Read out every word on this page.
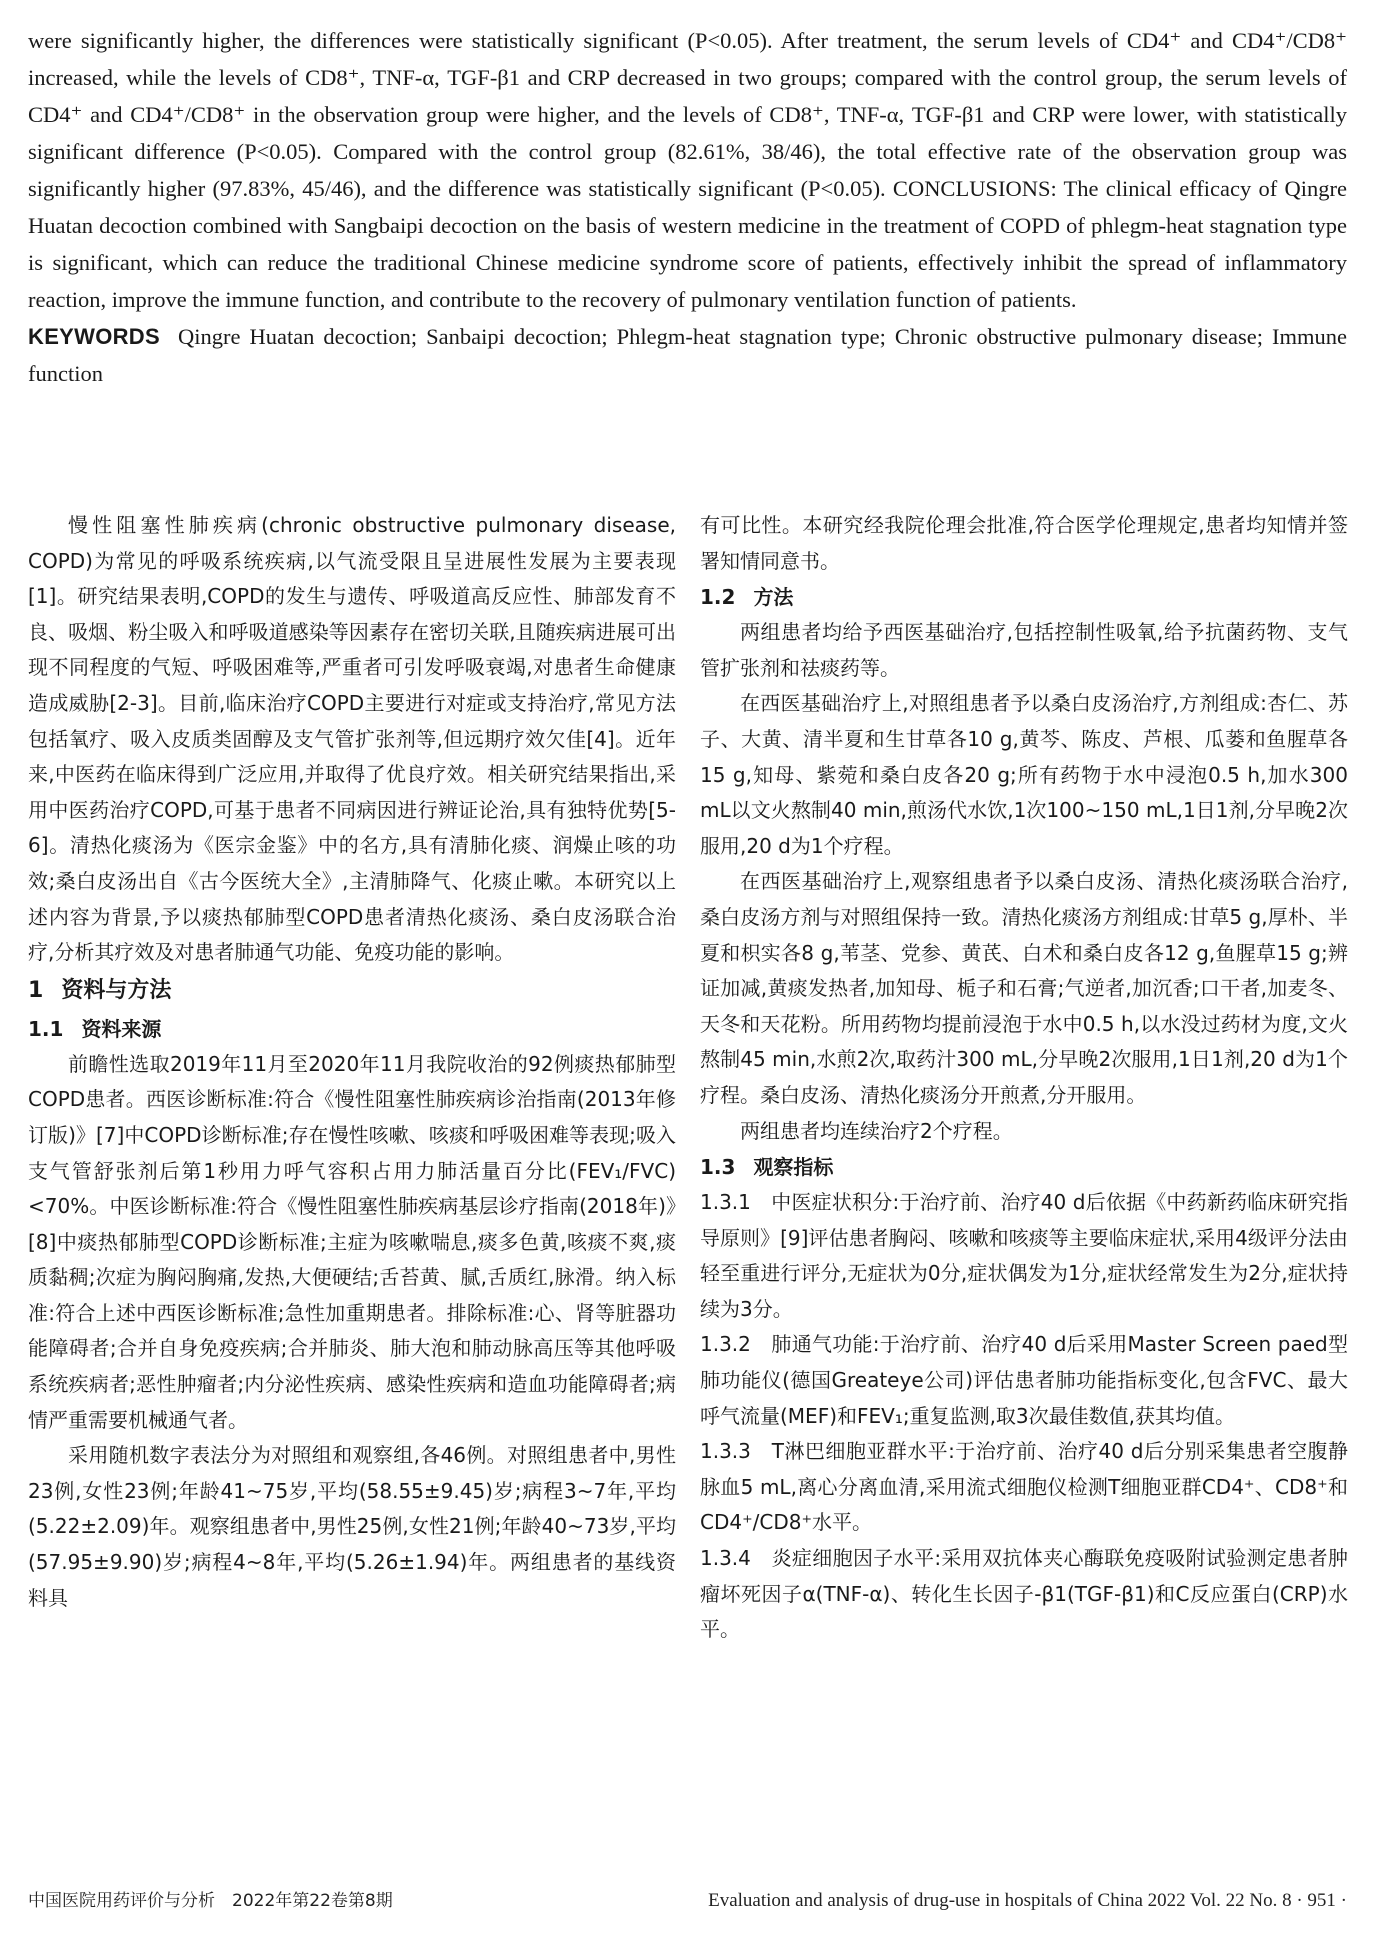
were significantly higher, the differences were statistically significant (P<0.05). After treatment, the serum levels of CD4⁺ and CD4⁺/CD8⁺ increased, while the levels of CD8⁺, TNF-α, TGF-β1 and CRP decreased in two groups; compared with the control group, the serum levels of CD4⁺ and CD4⁺/CD8⁺ in the observation group were higher, and the levels of CD8⁺, TNF-α, TGF-β1 and CRP were lower, with statistically significant difference (P<0.05). Compared with the control group (82.61%, 38/46), the total effective rate of the observation group was significantly higher (97.83%, 45/46), and the difference was statistically significant (P<0.05). CONCLUSIONS: The clinical efficacy of Qingre Huatan decoction combined with Sangbaipi decoction on the basis of western medicine in the treatment of COPD of phlegm-heat stagnation type is significant, which can reduce the traditional Chinese medicine syndrome score of patients, effectively inhibit the spread of inflammatory reaction, improve the immune function, and contribute to the recovery of pulmonary ventilation function of patients.

KEYWORDS Qingre Huatan decoction; Sanbaipi decoction; Phlegm-heat stagnation type; Chronic obstructive pulmonary disease; Immune function

慢性阻塞性肺疾病(chronic obstructive pulmonary disease, COPD)为常见的呼吸系统疾病,以气流受限且呈进展性发展为主要表现[1]。研究结果表明,COPD的发生与遗传、呼吸道高反应性、肺部发育不良、吸烟、粉尘吸入和呼吸道感染等因素存在密切关联,且随疾病进展可出现不同程度的气短、呼吸困难等,严重者可引发呼吸衰竭,对患者生命健康造成威胁[2-3]。目前,临床治疗COPD主要进行对症或支持治疗,常见方法包括氧疗、吸入皮质类固醇及支气管扩张剂等,但远期疗效欠佳[4]。近年来,中医药在临床得到广泛应用,并取得了优良疗效。相关研究结果指出,采用中医药治疗COPD,可基于患者不同病因进行辨证论治,具有独特优势[5-6]。清热化痰汤为《医宗金鉴》中的名方,具有清肺化痰、润燥止咳的功效;桑白皮汤出自《古今医统大全》,主清肺降气、化痰止嗽。本研究以上述内容为背景,予以痰热郁肺型COPD患者清热化痰汤、桑白皮汤联合治疗,分析其疗效及对患者肺通气功能、免疫功能的影响。

1 资料与方法
1.1 资料来源

前瞻性选取2019年11月至2020年11月我院收治的92例痰热郁肺型COPD患者。西医诊断标准:符合《慢性阻塞性肺疾病诊治指南(2013年修订版)》[7]中COPD诊断标准;存在慢性咳嗽、咳痰和呼吸困难等表现;吸入支气管舒张剂后第1秒用力呼气容积占用力肺活量百分比(FEV₁/FVC)<70%。中医诊断标准:符合《慢性阻塞性肺疾病基层诊疗指南(2018年)》[8]中痰热郁肺型COPD诊断标准;主症为咳嗽喘息,痰多色黄,咳痰不爽,痰质黏稠;次症为胸闷胸痛,发热,大便硬结;舌苔黄、腻,舌质红,脉滑。纳入标准:符合上述中西医诊断标准;急性加重期患者。排除标准:心、肾等脏器功能障碍者;合并自身免疫疾病;合并肺炎、肺大泡和肺动脉高压等其他呼吸系统疾病者;恶性肿瘤者;内分泌性疾病、感染性疾病和造血功能障碍者;病情严重需要机械通气者。

采用随机数字表法分为对照组和观察组,各46例。对照组患者中,男性23例,女性23例;年龄41~75岁,平均(58.55±9.45)岁;病程3~7年,平均(5.22±2.09)年。观察组患者中,男性25例,女性21例;年龄40~73岁,平均(57.95±9.90)岁;病程4~8年,平均(5.26±1.94)年。两组患者的基线资料具

有可比性。本研究经我院伦理会批准,符合医学伦理规定,患者均知情并签署知情同意书。

1.2 方法

两组患者均给予西医基础治疗,包括控制性吸氧,给予抗菌药物、支气管扩张剂和祛痰药等。

在西医基础治疗上,对照组患者予以桑白皮汤治疗,方剂组成:杏仁、苏子、大黄、清半夏和生甘草各10 g,黄芩、陈皮、芦根、瓜蒌和鱼腥草各15 g,知母、紫菀和桑白皮各20 g;所有药物于水中浸泡0.5 h,加水300 mL以文火熬制40 min,煎汤代水饮,1次100~150 mL,1日1剂,分早晚2次服用,20 d为1个疗程。

在西医基础治疗上,观察组患者予以桑白皮汤、清热化痰汤联合治疗,桑白皮汤方剂与对照组保持一致。清热化痰汤方剂组成:甘草5 g,厚朴、半夏和枳实各8 g,苇茎、党参、黄芪、白术和桑白皮各12 g,鱼腥草15 g;辨证加减,黄痰发热者,加知母、栀子和石膏;气逆者,加沉香;口干者,加麦冬、天冬和天花粉。所用药物均提前浸泡于水中0.5 h,以水没过药材为度,文火熬制45 min,水煎2次,取药汁300 mL,分早晚2次服用,1日1剂,20 d为1个疗程。桑白皮汤、清热化痰汤分开煎煮,分开服用。

两组患者均连续治疗2个疗程。

1.3 观察指标

1.3.1　中医症状积分:于治疗前、治疗40 d后依据《中药新药临床研究指导原则》[9]评估患者胸闷、咳嗽和咳痰等主要临床症状,采用4级评分法由轻至重进行评分,无症状为0分,症状偶发为1分,症状经常发生为2分,症状持续为3分。

1.3.2　肺通气功能:于治疗前、治疗40 d后采用Master Screen paed型肺功能仪(德国Greateye公司)评估患者肺功能指标变化,包含FVC、最大呼气流量(MEF)和FEV₁;重复监测,取3次最佳数值,获其均值。

1.3.3　T淋巴细胞亚群水平:于治疗前、治疗40 d后分别采集患者空腹静脉血5 mL,离心分离血清,采用流式细胞仪检测T细胞亚群CD4⁺、CD8⁺和CD4⁺/CD8⁺水平。

1.3.4　炎症细胞因子水平:采用双抗体夹心酶联免疫吸附试验测定患者肿瘤坏死因子α(TNF-α)、转化生长因子-β1(TGF-β1)和C反应蛋白(CRP)水平。

中国医院用药评价与分析　2022年第22卷第8期	Evaluation and analysis of drug-use in hospitals of China 2022 Vol. 22 No. 8 · 951 ·
